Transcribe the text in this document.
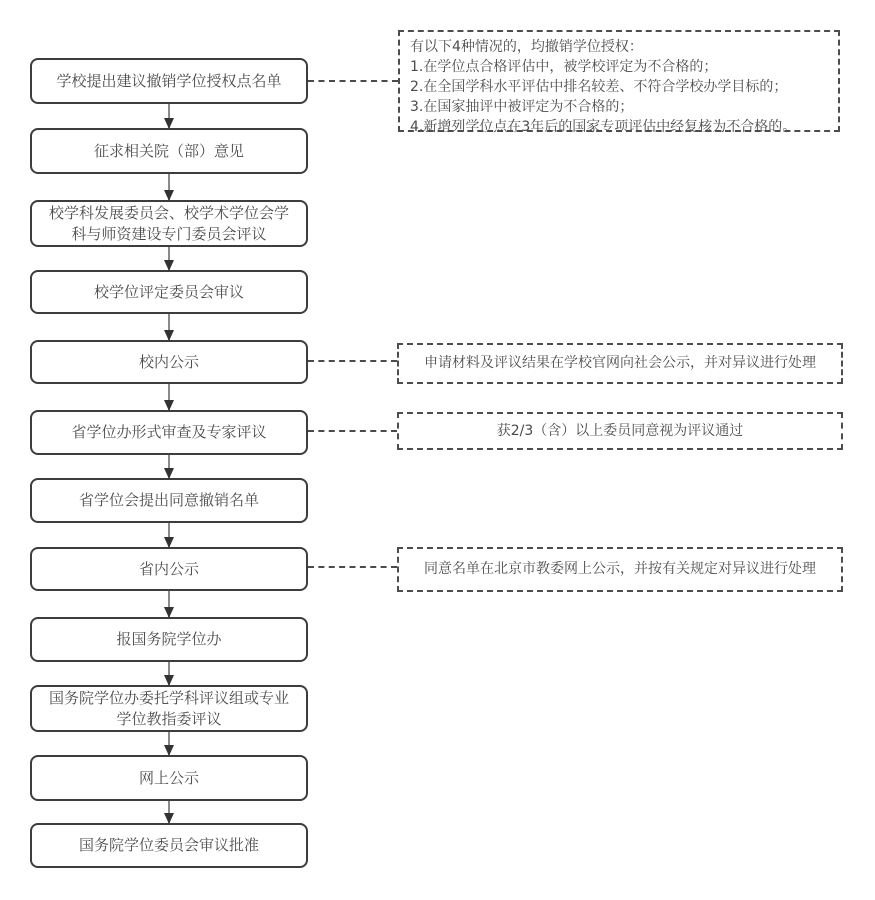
学校提出建议撤销学位授权点名单
征求相关院（部）意见
校学科发展委员会、校学术学位会学科与师资建设专门委员会评议
校学位评定委员会审议
校内公示
省学位办形式审查及专家评议
省学位会提出同意撤销名单
省内公示
报国务院学位办
国务院学位办委托学科评议组或专业学位教指委评议
网上公示
国务院学位委员会审议批准
有以下4种情况的，均撤销学位授权：
1.在学位点合格评估中，被学校评定为不合格的；
2.在全国学科水平评估中排名较差、不符合学校办学目标的；
3.在国家抽评中被评定为不合格的；
4.新增列学位点在3年后的国家专项评估中经复核为不合格的。
申请材料及评议结果在学校官网向社会公示，并对异议进行处理
获2/3（含）以上委员同意视为评议通过
同意名单在北京市教委网上公示，并按有关规定对异议进行处理
